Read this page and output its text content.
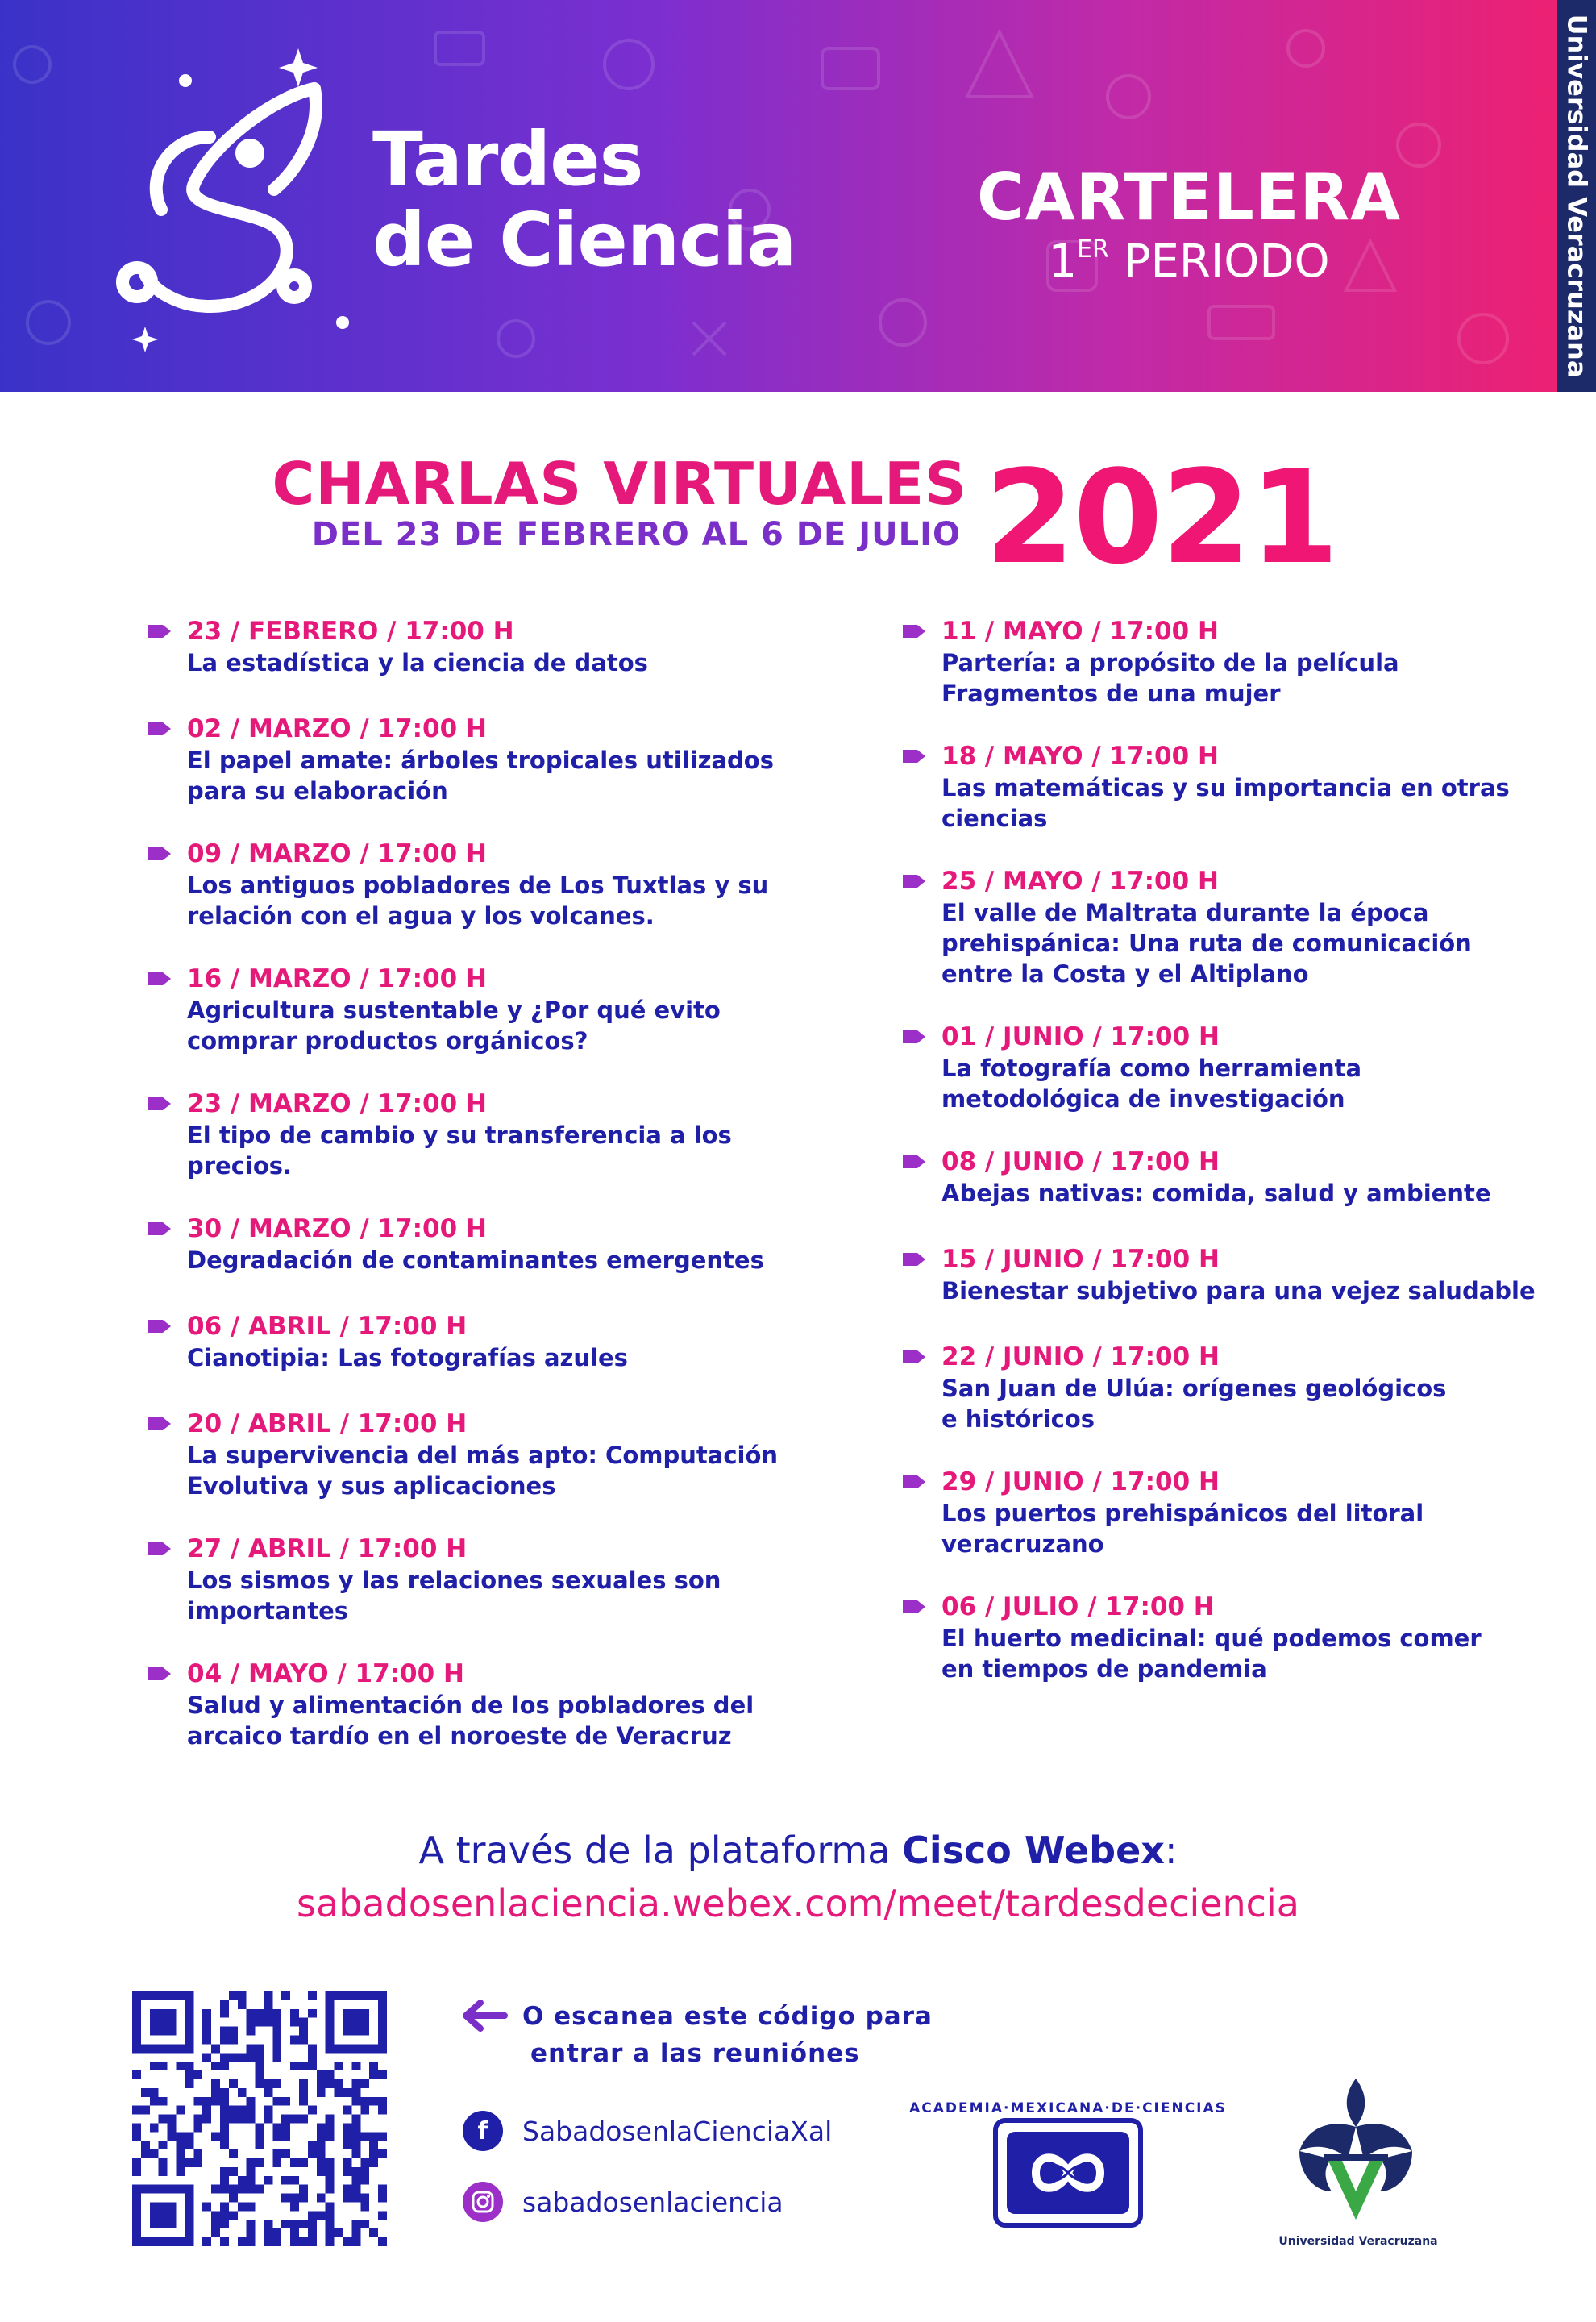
Tardes
de Ciencia	CARTELERA
1ER PERIODO	Universidad Veracruzana
CHARLAS VIRTUALES
DEL 23 DE FEBRERO AL 6 DE JULIO 2021
23 / FEBRERO / 17:00 H
La estadística y la ciencia de datos
02 / MARZO / 17:00 H
El papel amate: árboles tropicales utilizados
para su elaboración
09 / MARZO / 17:00 H
Los antiguos pobladores de Los Tuxtlas y su
relación con el agua y los volcanes.
16 / MARZO / 17:00 H
Agricultura sustentable y ¿Por qué evito
comprar productos orgánicos?
23 / MARZO / 17:00 H
El tipo de cambio y su transferencia a los
precios.
30 / MARZO / 17:00 H
Degradación de contaminantes emergentes
06 / ABRIL / 17:00 H
Cianotipia: Las fotografías azules
20 / ABRIL / 17:00 H
La supervivencia del más apto: Computación
Evolutiva y sus aplicaciones
27 / ABRIL / 17:00 H
Los sismos y las relaciones sexuales son
importantes
04 / MAYO / 17:00 H
Salud y alimentación de los pobladores del
arcaico tardío en el noroeste de Veracruz
11 / MAYO / 17:00 H
Partería: a propósito de la película
Fragmentos de una mujer
18 / MAYO / 17:00 H
Las matemáticas y su importancia en otras
ciencias
25 / MAYO / 17:00 H
El valle de Maltrata durante la época
prehispánica: Una ruta de comunicación
entre la Costa y el Altiplano
01 / JUNIO / 17:00 H
La fotografía como herramienta
metodológica de investigación
08 / JUNIO / 17:00 H
Abejas nativas: comida, salud y ambiente
15 / JUNIO / 17:00 H
Bienestar subjetivo para una vejez saludable
22 / JUNIO / 17:00 H
San Juan de Ulúa: orígenes geológicos
e históricos
29 / JUNIO / 17:00 H
Los puertos prehispánicos del litoral
veracruzano
06 / JULIO / 17:00 H
El huerto medicinal: qué podemos comer
en tiempos de pandemia
A través de la plataforma Cisco Webex:
sabadosenlaciencia.webex.com/meet/tardesdeciencia
O escanea este código para
entrar a las reuniónes
f	SabadosenlaCienciaXal
sabadosenlaciencia
ACADEMIA·MEXICANA·DE·CIENCIAS
Universidad Veracruzana
